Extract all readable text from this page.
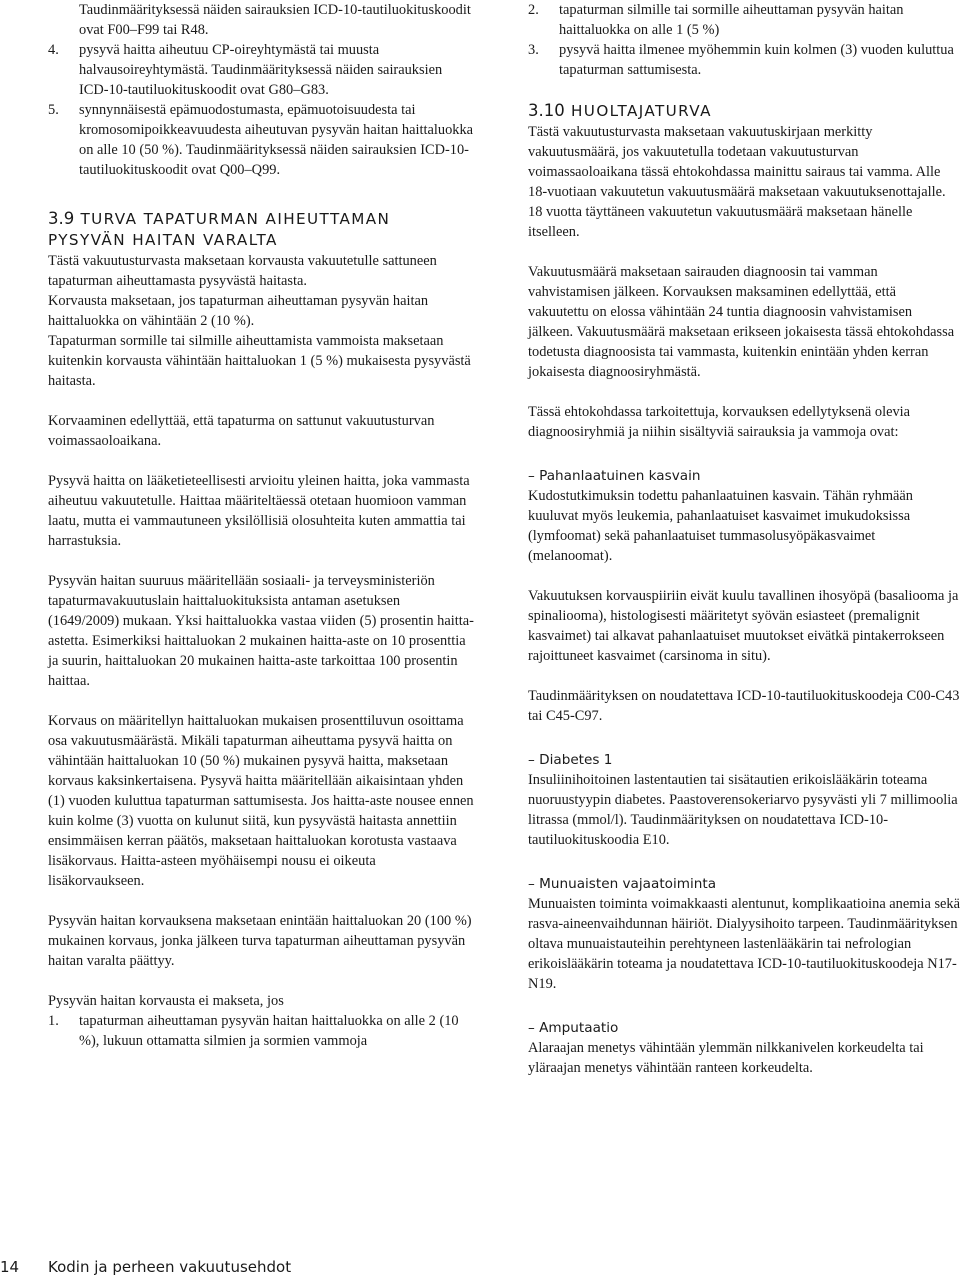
Taudinmäärityksessä näiden sairauksien ICD-10-tautiluokituskoodit ovat F00–F99 tai R48.
4.	pysyvä haitta aiheutuu CP-oireyhtymästä tai muusta halvausoireyhtymästä. Taudinmäärityksessä näiden sairauksien ICD-10-tautiluokituskoodit ovat G80–G83.
5.	synnynnäisestä epämuodostumasta, epämuotoisuudesta tai kromosomipoikkeavuudesta aiheutuvan pysyvän haitan haittaluokka on alle 10 (50 %). Taudinmäärityksessä näiden sairauksien ICD-10-tautiluokituskoodit ovat Q00–Q99.
3.9 TURVA TAPATURMAN AIHEUTTAMAN PYSYVÄN HAITAN VARALTA

Tästä vakuutusturvasta maksetaan korvausta vakuutetulle sattuneen tapaturman aiheuttamasta pysyvästä haitasta.

Korvausta maksetaan, jos tapaturman aiheuttaman pysyvän haitan haittaluokka on vähintään 2 (10 %).

Tapaturman sormille tai silmille aiheuttamista vammoista maksetaan kuitenkin korvausta vähintään haittaluokan 1 (5 %) mukaisesta pysyvästä haitasta.

Korvaaminen edellyttää, että tapaturma on sattunut vakuutusturvan voimassaoloaikana.

Pysyvä haitta on lääketieteellisesti arvioitu yleinen haitta, joka vammasta aiheutuu vakuutetulle. Haittaa määriteltäessä otetaan huomioon vamman laatu, mutta ei vammautuneen yksilöllisiä olosuhteita kuten ammattia tai harrastuksia.

Pysyvän haitan suuruus määritellään sosiaali- ja terveysministeriön tapaturmavakuutuslain haittaluokituksista antaman asetuksen (1649/2009) mukaan. Yksi haittaluokka vastaa viiden (5) prosentin haitta-astetta. Esimerkiksi haittaluokan 2 mukainen haitta-aste on 10 prosenttia ja suurin, haittaluokan 20 mukainen haitta-aste tarkoittaa 100 prosentin haittaa.

Korvaus on määritellyn haittaluokan mukaisen prosenttiluvun osoittama osa vakuutusmäärästä. Mikäli tapaturman aiheuttama pysyvä haitta on vähintään haittaluokan 10 (50 %) mukainen pysyvä haitta, maksetaan korvaus kaksinkertaisena. Pysyvä haitta määritellään aikaisintaan yhden (1) vuoden kuluttua tapaturman sattumisesta. Jos haitta-aste nousee ennen kuin kolme (3) vuotta on kulunut siitä, kun pysyvästä haitasta annettiin ensimmäisen kerran päätös, maksetaan haittaluokan korotusta vastaava lisäkorvaus. Haitta-asteen myöhäisempi nousu ei oikeuta lisäkorvaukseen.

Pysyvän haitan korvauksena maksetaan enintään haittaluokan 20 (100 %) mukainen korvaus, jonka jälkeen turva tapaturman aiheuttaman pysyvän haitan varalta päättyy.

Pysyvän haitan korvausta ei makseta, jos

1.	tapaturman aiheuttaman pysyvän haitan haittaluokka on alle 2 (10 %), lukuun ottamatta silmien ja sormien vammoja
2.	tapaturman silmille tai sormille aiheuttaman pysyvän haitan haittaluokka on alle 1 (5 %)
3.	pysyvä haitta ilmenee myöhemmin kuin kolmen (3) vuoden kuluttua tapaturman sattumisesta.
3.10 HUOLTAJATURVA

Tästä vakuutusturvasta maksetaan vakuutuskirjaan merkitty vakuutusmäärä, jos vakuutetulla todetaan vakuutusturvan voimassaoloaikana tässä ehtokohdassa mainittu sairaus tai vamma. Alle 18-vuotiaan vakuutetun vakuutusmäärä maksetaan vakuutuksenottajalle. 18 vuotta täyttäneen vakuutetun vakuutusmäärä maksetaan hänelle itselleen.

Vakuutusmäärä maksetaan sairauden diagnoosin tai vamman vahvistamisen jälkeen. Korvauksen maksaminen edellyttää, että vakuutettu on elossa vähintään 24 tuntia diagnoosin vahvistamisen jälkeen. Vakuutusmäärä maksetaan erikseen jokaisesta tässä ehtokohdassa todetusta diagnoosista tai vammasta, kuitenkin enintään yhden kerran jokaisesta diagnoosiryhmästä.

Tässä ehtokohdassa tarkoitettuja, korvauksen edellytyksenä olevia diagnoosiryhmiä ja niihin sisältyviä sairauksia ja vammoja ovat:

– Pahanlaatuinen kasvain

Kudostutkimuksin todettu pahanlaatuinen kasvain. Tähän ryhmään kuuluvat myös leukemia, pahanlaatuiset kasvaimet imukudoksissa (lymfoomat) sekä pahanlaatuiset tummasolusyöpäkasvaimet (melanoomat).

Vakuutuksen korvauspiiriin eivät kuulu tavallinen ihosyöpä (basaliooma ja spinaliooma), histologisesti määritetyt syövän esiasteet (premalignit kasvaimet) tai alkavat pahanlaatuiset muutokset eivätkä pintakerrokseen rajoittuneet kasvaimet (carsinoma in situ).

Taudinmäärityksen on noudatettava ICD-10-tautiluokituskoodeja C00-C43 tai C45-C97.

– Diabetes 1

Insuliinihoitoinen lastentautien tai sisätautien erikoislääkärin toteama nuoruustyypin diabetes. Paastoverensokeriarvo pysyvästi yli 7 millimoolia litrassa (mmol/l). Taudinmäärityksen on noudatettava ICD-10-tautiluokituskoodia E10.

– Munuaisten vajaatoiminta

Munuaisten toiminta voimakkaasti alentunut, komplikaatioina anemia sekä rasva-aineenvaihdunnan häiriöt. Dialyysihoito tarpeen. Taudinmäärityksen oltava munuaistauteihin perehtyneen lastenlääkärin tai nefrologian erikoislääkärin toteama ja noudatettava ICD-10-tautiluokituskoodeja N17-N19.

– Amputaatio

Alaraajan menetys vähintään ylemmän nilkkanivelen korkeudelta tai yläraajan menetys vähintään ranteen korkeudelta.

14 Kodin ja perheen vakuutusehdot
